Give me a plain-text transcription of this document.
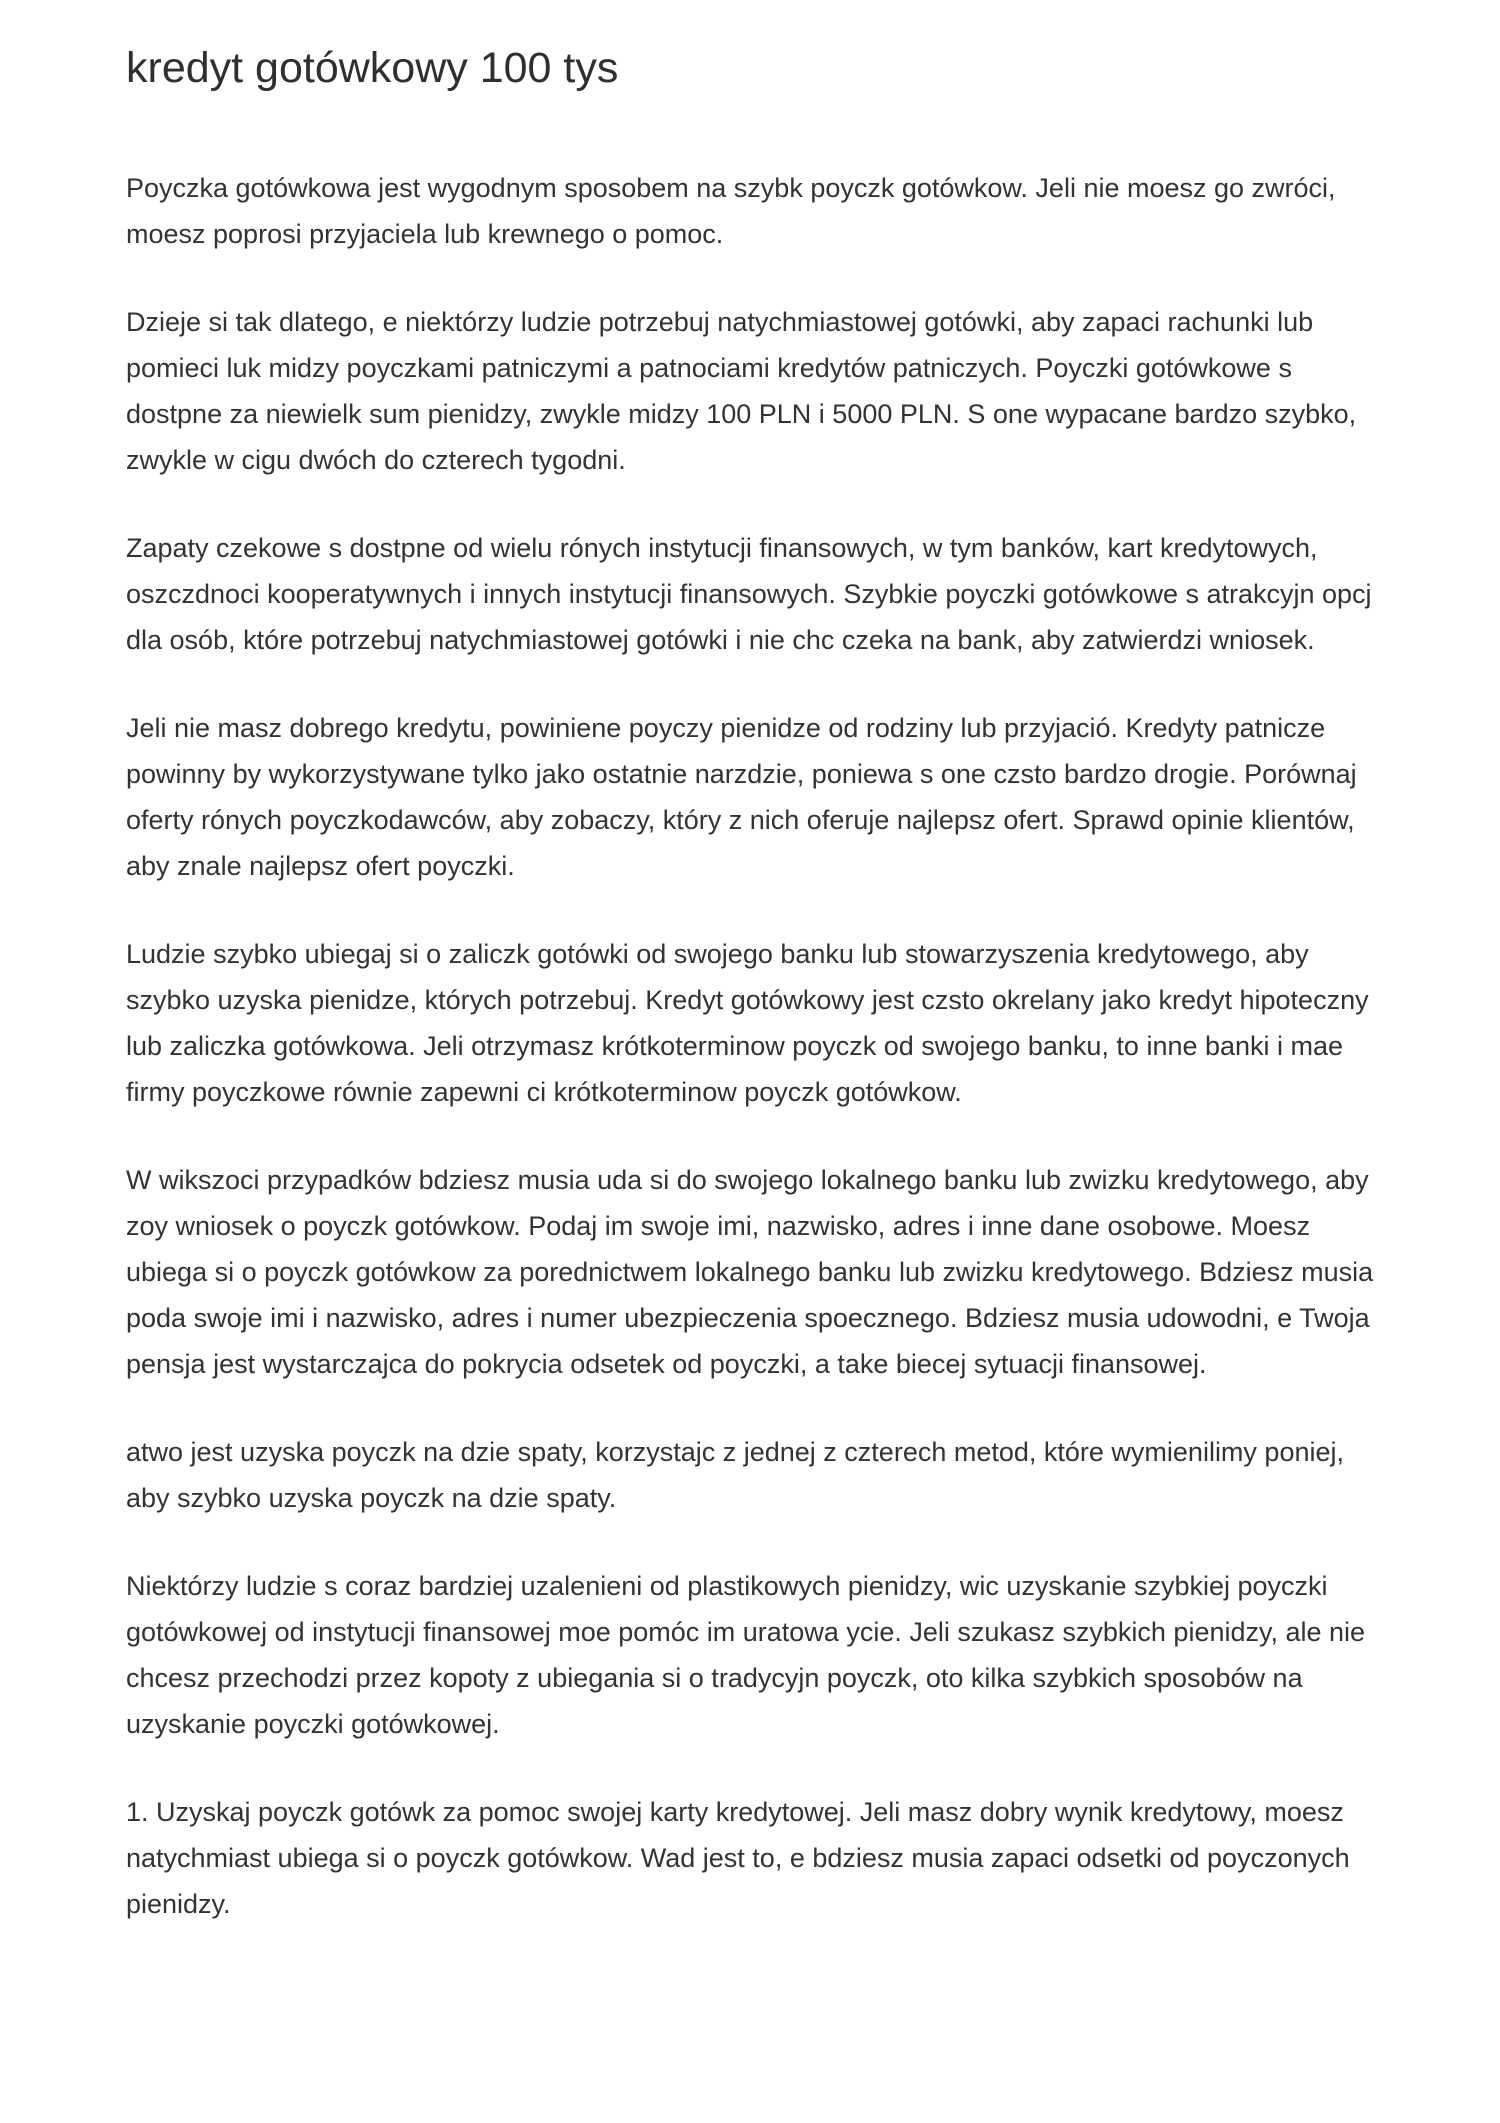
kredyt gotówkowy 100 tys

Poyczka gotówkowa jest wygodnym sposobem na szybk poyczk gotówkow. Jeli nie moesz go zwróci, moesz poprosi przyjaciela lub krewnego o pomoc.

Dzieje si tak dlatego, e niektórzy ludzie potrzebuj natychmiastowej gotówki, aby zapaci rachunki lub pomieci luk midzy poyczkami patniczymi a patnociami kredytów patniczych. Poyczki gotówkowe s dostpne za niewielk sum pienidzy, zwykle midzy 100 PLN i 5000 PLN. S one wypacane bardzo szybko, zwykle w cigu dwóch do czterech tygodni.

Zapaty czekowe s dostpne od wielu rónych instytucji finansowych, w tym banków, kart kredytowych, oszczdnoci kooperatywnych i innych instytucji finansowych. Szybkie poyczki gotówkowe s atrakcyjn opcj dla osób, które potrzebuj natychmiastowej gotówki i nie chc czeka na bank, aby zatwierdzi wniosek.

Jeli nie masz dobrego kredytu, powiniene poyczy pienidze od rodziny lub przyjació. Kredyty patnicze powinny by wykorzystywane tylko jako ostatnie narzdzie, poniewa s one czsto bardzo drogie. Porównaj oferty rónych poyczkodawców, aby zobaczy, który z nich oferuje najlepsz ofert. Sprawd opinie klientów, aby znale najlepsz ofert poyczki.

Ludzie szybko ubiegaj si o zaliczk gotówki od swojego banku lub stowarzyszenia kredytowego, aby szybko uzyska pienidze, których potrzebuj. Kredyt gotówkowy jest czsto okrelany jako kredyt hipoteczny lub zaliczka gotówkowa. Jeli otrzymasz krótkoterminow poyczk od swojego banku, to inne banki i mae firmy poyczkowe równie zapewni ci krótkoterminow poyczk gotówkow.

W wikszoci przypadków bdziesz musia uda si do swojego lokalnego banku lub zwizku kredytowego, aby zoy wniosek o poyczk gotówkow. Podaj im swoje imi, nazwisko, adres i inne dane osobowe. Moesz ubiega si o poyczk gotówkow za porednictwem lokalnego banku lub zwizku kredytowego. Bdziesz musia poda swoje imi i nazwisko, adres i numer ubezpieczenia spoecznego. Bdziesz musia udowodni, e Twoja pensja jest wystarczajca do pokrycia odsetek od poyczki, a take biecej sytuacji finansowej.

atwo jest uzyska poyczk na dzie spaty, korzystajc z jednej z czterech metod, które wymienilimy poniej, aby szybko uzyska poyczk na dzie spaty.

Niektórzy ludzie s coraz bardziej uzalenieni od plastikowych pienidzy, wic uzyskanie szybkiej poyczki gotówkowej od instytucji finansowej moe pomóc im uratowa ycie. Jeli szukasz szybkich pienidzy, ale nie chcesz przechodzi przez kopoty z ubiegania si o tradycyjn poyczk, oto kilka szybkich sposobów na uzyskanie poyczki gotówkowej.

1. Uzyskaj poyczk gotówk za pomoc swojej karty kredytowej. Jeli masz dobry wynik kredytowy, moesz natychmiast ubiega si o poyczk gotówkow. Wad jest to, e bdziesz musia zapaci odsetki od poyczonych pienidzy.
